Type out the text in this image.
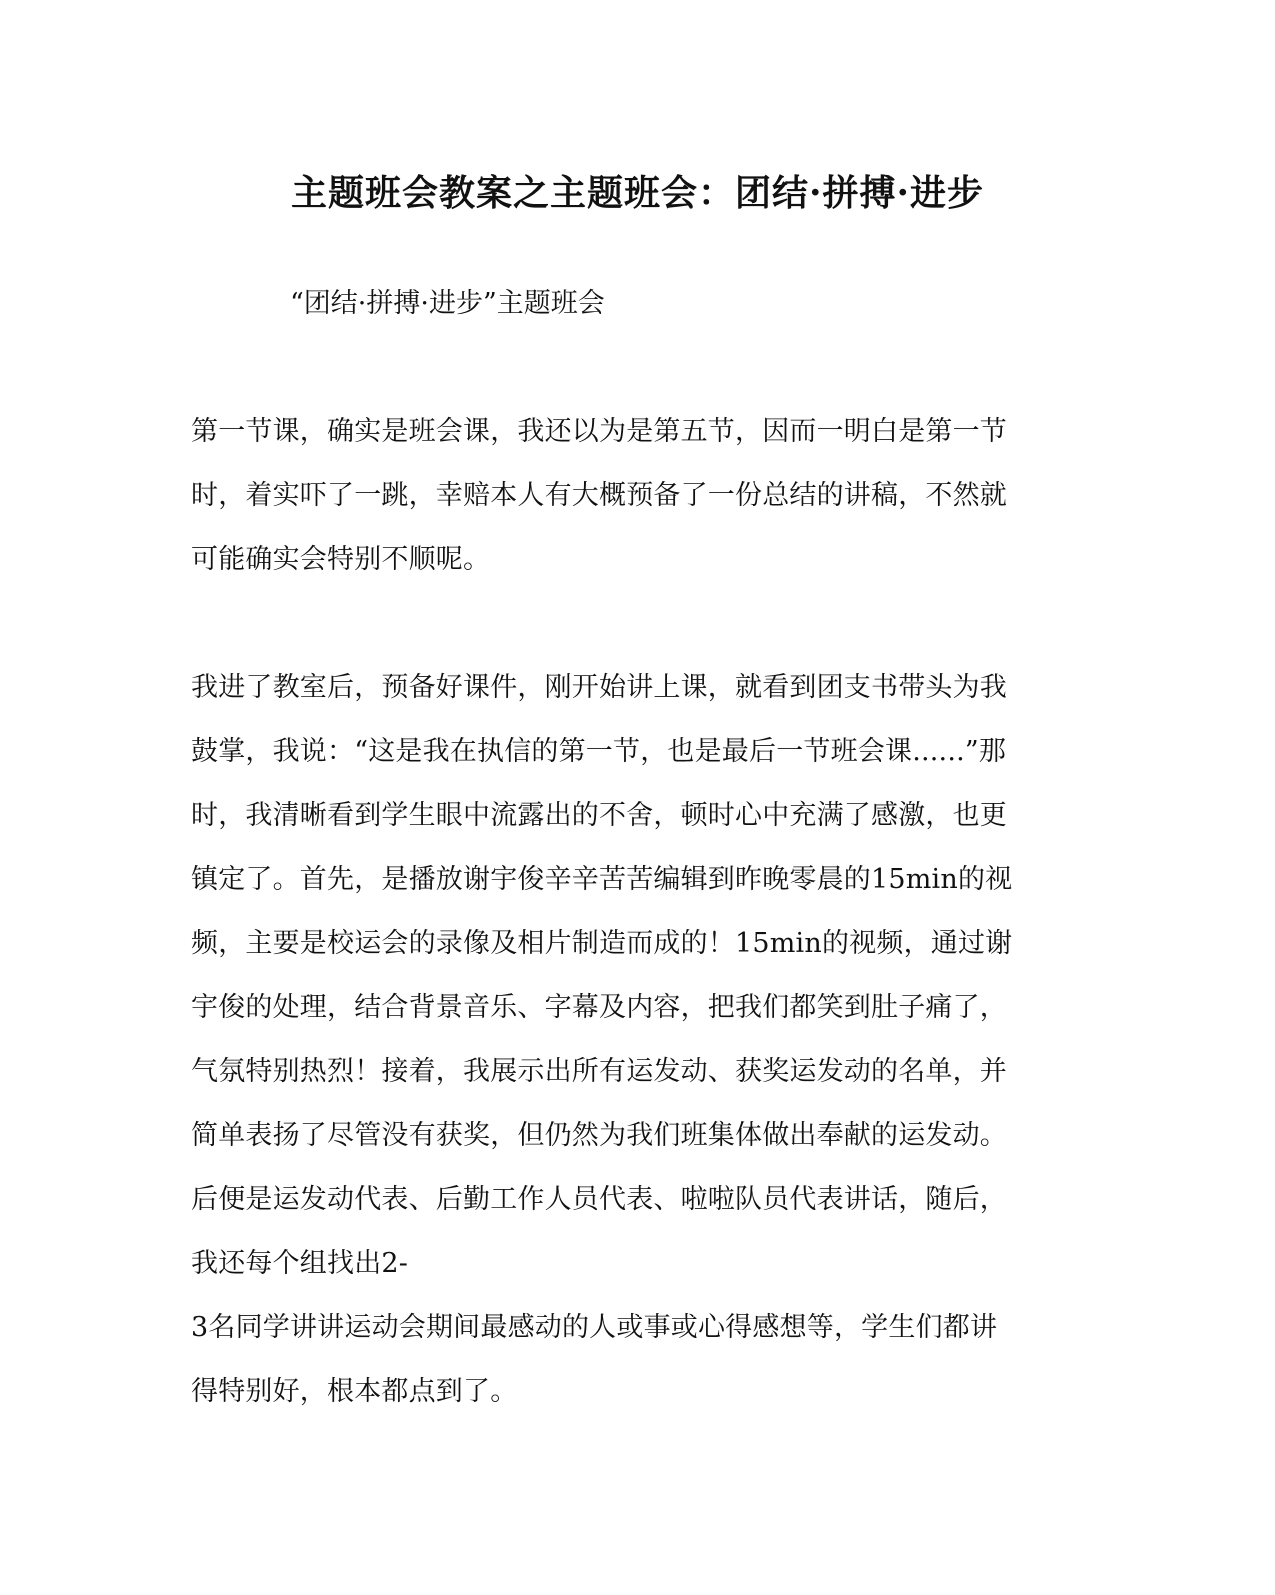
主题班会教案之主题班会：团结·拼搏·进步
“团结·拼搏·进步”主题班会
第一节课，确实是班会课，我还以为是第五节，因而一明白是第一节
时，着实吓了一跳，幸赔本人有大概预备了一份总结的讲稿，不然就
可能确实会特别不顺呢。
我进了教室后，预备好课件，刚开始讲上课，就看到团支书带头为我
鼓掌，我说：“这是我在执信的第一节，也是最后一节班会课......”那
时，我清晰看到学生眼中流露出的不舍，顿时心中充满了感激，也更
镇定了。首先，是播放谢宇俊辛辛苦苦编辑到昨晚零晨的15min的视
频，主要是校运会的录像及相片制造而成的！15min的视频，通过谢
宇俊的处理，结合背景音乐、字幕及内容，把我们都笑到肚子痛了，
气氛特别热烈！接着，我展示出所有运发动、获奖运发动的名单，并
简单表扬了尽管没有获奖，但仍然为我们班集体做出奉献的运发动。
后便是运发动代表、后勤工作人员代表、啦啦队员代表讲话，随后，
我还每个组找出2-
3名同学讲讲运动会期间最感动的人或事或心得感想等，学生们都讲
得特别好，根本都点到了。
